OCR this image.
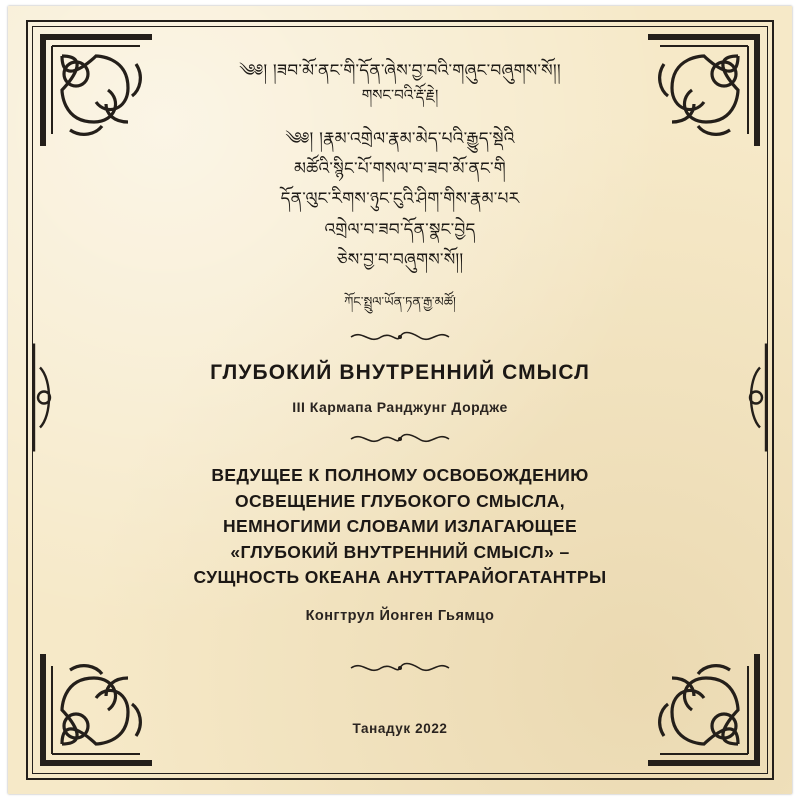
༄༅། །ཟབ་མོ་ནང་གི་དོན་ཞེས་བྱ་བའི་གཞུང་བཞུགས་སོ།།
གསང་བའི་རྡོ་རྗེ།
༄༅། །རྣམ་འགྲེལ་རྣམ་མེད་པའི་རྒྱུད་སྡེའི
མཚོའི་སྙིང་པོ་གསལ་བ་ཟབ་མོ་ནང་གི
དོན་ལུང་རིགས་ཉུང་ངུའི་ཤིག་གིས་རྣམ་པར
འགྲེལ་བ་ཟབ་དོན་སྣང་བྱེད
ཅེས་བྱ་བ་བཞུགས་སོ།།
ཀོང་སྤྲུལ་ཡོན་ཏན་རྒྱ་མཚོ།
ГЛУБОКИЙ ВНУТРЕННИЙ СМЫСЛ
III Кармапа Ранджунг Дордже
ВЕДУЩЕЕ К ПОЛНОМУ ОСВОБОЖДЕНИЮ
ОСВЕЩЕНИЕ ГЛУБОКОГО СМЫСЛА,
НЕМНОГИМИ СЛОВАМИ ИЗЛАГАЮЩЕЕ
«ГЛУБОКИЙ ВНУТРЕННИЙ СМЫСЛ» –
СУЩНОСТЬ ОКЕАНА АНУТТАРАЙОГАТАНТРЫ
Конгтрул Йонген Гьямцо
Танадук 2022
